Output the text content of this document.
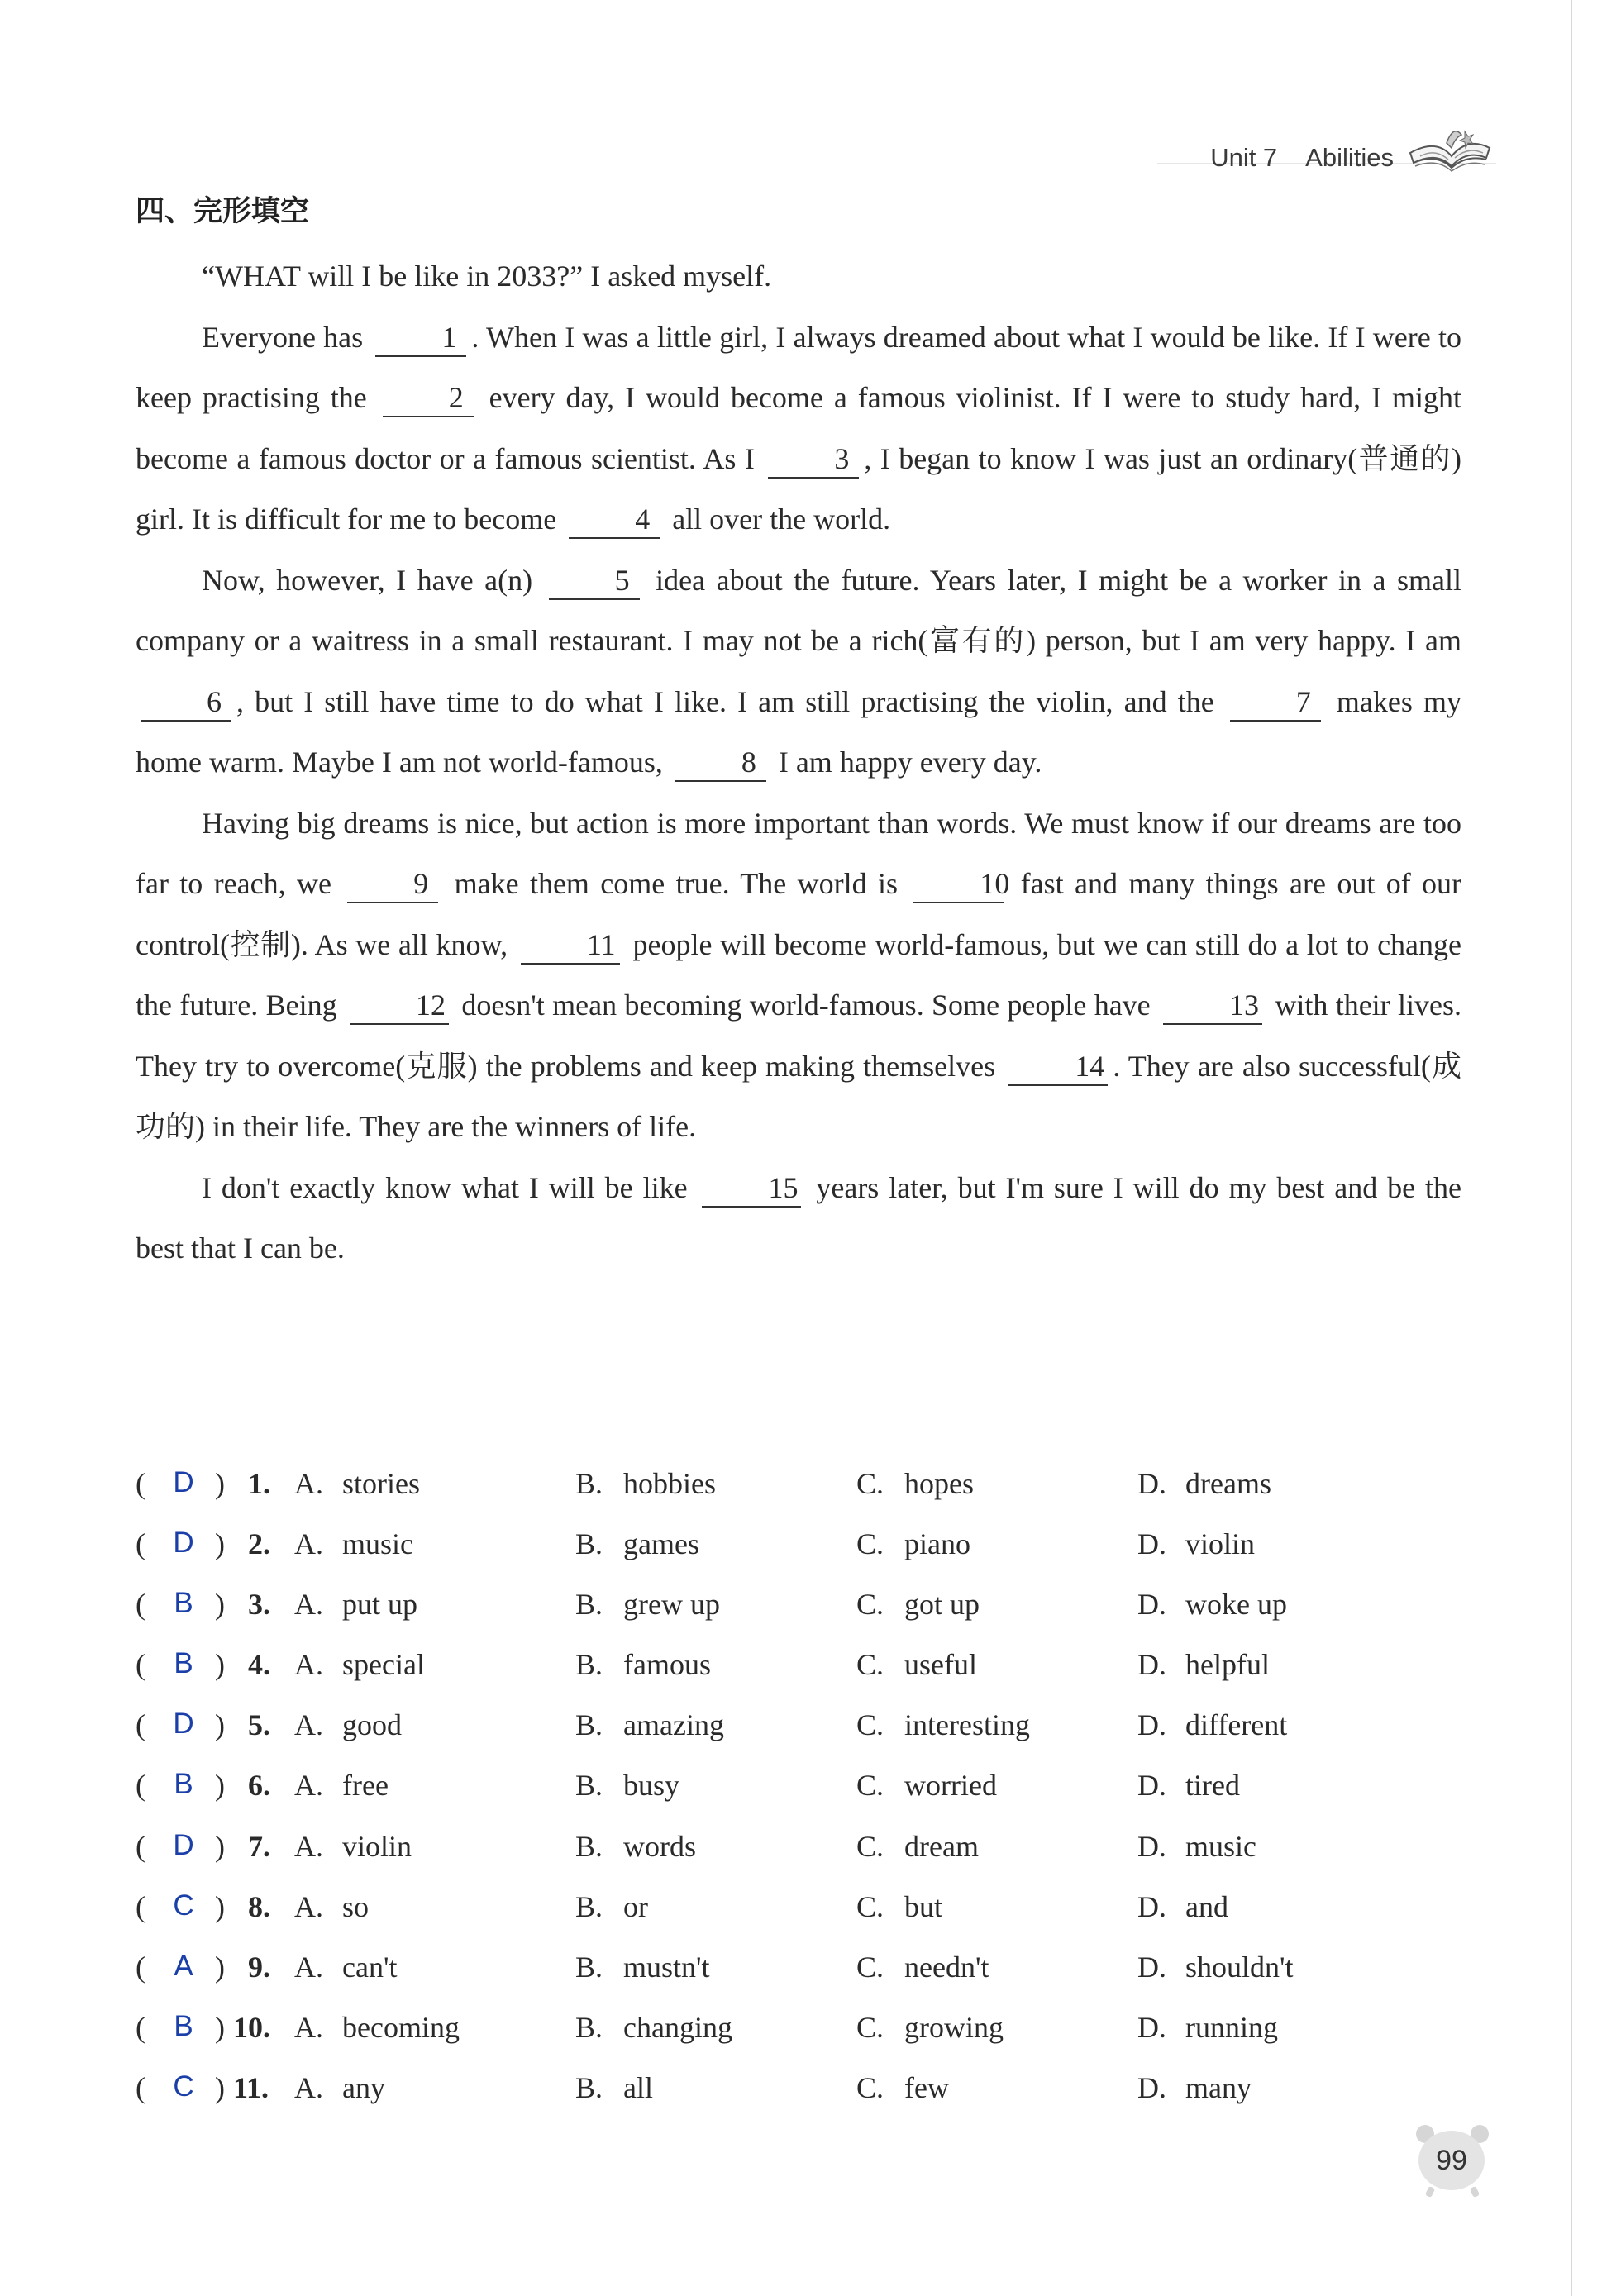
Unit 7 Abilities
四、完形填空

“WHAT will I be like in 2033?” I asked myself.

Everyone has	1 . When I was a little girl, I always dreamed about what I would be like. If I were to keep practising the	2 every day, I would become a famous violinist. If I were to study hard, I might become a famous doctor or a famous scientist. As I	3 , I began to know I was just an ordinary(普通的) girl. It is difficult for me to become	4 all over the world.

Now, however, I have a(n)	5 idea about the future. Years later, I might be a worker in a small company or a waitress in a small restaurant. I may not be a rich(富有的) person, but I am very happy. I am 6 , but I still have time to do what I like. I am still practising the violin, and the	7 makes my home warm. Maybe I am not world-famous,	8 I am happy every day.

Having big dreams is nice, but action is more important than words. We must know if our dreams are too far to reach, we	9 make them come true. The world is	10 fast and many things are out of our control(控制). As we all know,	11 people will become world-famous, but we can still do a lot to change the future. Being	12 doesn't mean becoming world-famous. Some people have	13 with their lives. They try to overcome(克服) the problems and keep making themselves	14 . They are also successful(成功的) in their life. They are the winners of life.

I don't exactly know what I will be like	15 years later, but I'm sure I will do my best and be the best that I can be.

( D ) 1. A. stories	B. hobbies	C. hopes	D. dreams
( D ) 2. A. music	B. games	C. piano	D. violin
( B ) 3. A. put up	B. grew up	C. got up	D. woke up
( B ) 4. A. special	B. famous	C. useful	D. helpful
( D ) 5. A. good	B. amazing	C. interesting	D. different
( B ) 6. A. free	B. busy	C. worried	D. tired
( D ) 7. A. violin	B. words	C. dream	D. music
( C ) 8. A. so	B. or	C. but	D. and
( A ) 9. A. can't	B. mustn't	C. needn't	D. shouldn't
( B ) 10. A. becoming	B. changing	C. growing	D. running
( C ) 11. A. any	B. all	C. few	D. many
99
